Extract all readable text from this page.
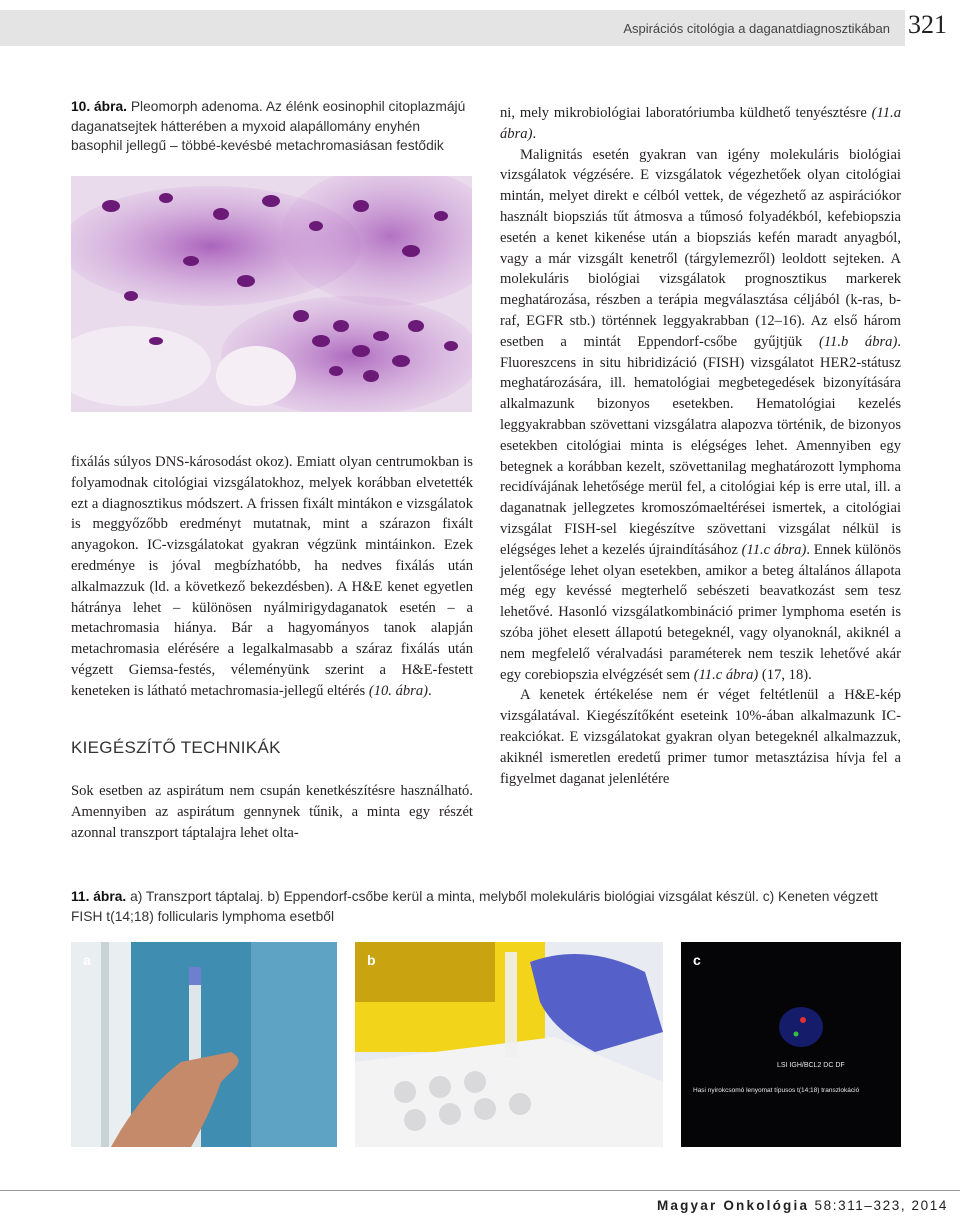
Aspirációs citológia a daganatdiagnosztikában 321
10. ábra. Pleomorph adenoma. Az élénk eosinophil citoplazmájú daganatsejtek hátterében a myxoid alapállomány enyhén basophil jellegű – többé-kevésbé metachromasiásan festődik

fixálás súlyos DNS-károsodást okoz). Emiatt olyan centrumokban is folyamodnak citológiai vizsgálatokhoz, melyek korábban elvetették ezt a diagnosztikus módszert. A frissen fixált mintákon e vizsgálatok is meggyőzőbb eredményt mutatnak, mint a szárazon fixált anyagokon. IC-vizsgálatokat gyakran végzünk mintáinkon. Ezek eredménye is jóval megbízhatóbb, ha nedves fixálás után alkalmazzuk (ld. a következő bekezdésben). A H&E kenet egyetlen hátránya lehet – különösen nyálmirigydaganatok esetén – a metachromasia hiánya. Bár a hagyományos tanok alapján metachromasia elérésére a legalkalmasabb a száraz fixálás után végzett Giemsa-festés, véleményünk szerint a H&E-festett keneteken is látható metachromasia-jellegű eltérés (10. ábra).

KIEGÉSZÍTŐ TECHNIKÁK

Sok esetben az aspirátum nem csupán kenetkészítésre használható. Amennyiben az aspirátum gennynek tűnik, a minta egy részét azonnal transzport táptalajra lehet olta-

ni, mely mikrobiológiai laboratóriumba küldhető tenyésztésre (11.a ábra).

Malignitás esetén gyakran van igény molekuláris biológiai vizsgálatok végzésére. E vizsgálatok végezhetőek olyan citológiai mintán, melyet direkt e célból vettek, de végezhető az aspirációkor használt biopsziás tűt átmosva a tűmosó folyadékból, kefebiopszia esetén a kenet kikenése után a biopsziás kefén maradt anyagból, vagy a már vizsgált kenetről (tárgylemezről) leoldott sejteken. A molekuláris biológiai vizsgálatok prognosztikus markerek meghatározása, részben a terápia megválasztása céljából (k-ras, b-raf, EGFR stb.) történnek leggyakrabban (12–16). Az első három esetben a mintát Eppendorf-csőbe gyűjtjük (11.b ábra). Fluoreszcens in situ hibridizáció (FISH) vizsgálatot HER2-státusz meghatározására, ill. hematológiai megbetegedések bizonyítására alkalmazunk bizonyos esetekben. Hematológiai kezelés leggyakrabban szövettani vizsgálatra alapozva történik, de bizonyos esetekben citológiai minta is elégséges lehet. Amennyiben egy betegnek a korábban kezelt, szövettanilag meghatározott lymphoma recidívájának lehetősége merül fel, a citológiai kép is erre utal, ill. a daganatnak jellegzetes kromoszómaeltérései ismertek, a citológiai vizsgálat FISH-sel kiegészítve szövettani vizsgálat nélkül is elégséges lehet a kezelés újraindításához (11.c ábra). Ennek különös jelentősége lehet olyan esetekben, amikor a beteg általános állapota még egy kevéssé megterhelő sebészeti beavatkozást sem tesz lehetővé. Hasonló vizsgálatkombináció primer lymphoma esetén is szóba jöhet elesett állapotú betegeknél, vagy olyanoknál, akiknél a nem megfelelő véralvadási paraméterek nem teszik lehetővé akár egy corebiopszia elvégzését sem (11.c ábra) (17, 18).

A kenetek értékelése nem ér véget feltétlenül a H&E-kép vizsgálatával. Kiegészítőként eseteink 10%-ában alkalmazunk IC-reakciókat. E vizsgálatokat gyakran olyan betegeknél alkalmazzuk, akiknél ismeretlen eredetű primer tumor metasztázisa hívja fel a figyelmet daganat jelenlétére

11. ábra. a) Transzport táptalaj. b) Eppendorf-csőbe kerül a minta, melyből molekuláris biológiai vizsgálat készül. c) Keneten végzett FISH t(14;18) follicularis lymphoma esetből
a	b	c
LSI IGH/BCL2 DC DF
Hasi nyirokcsomó lenyomat típusos t(14;18) transzlokáció
Magyar Onkológia 58:311–323, 2014
